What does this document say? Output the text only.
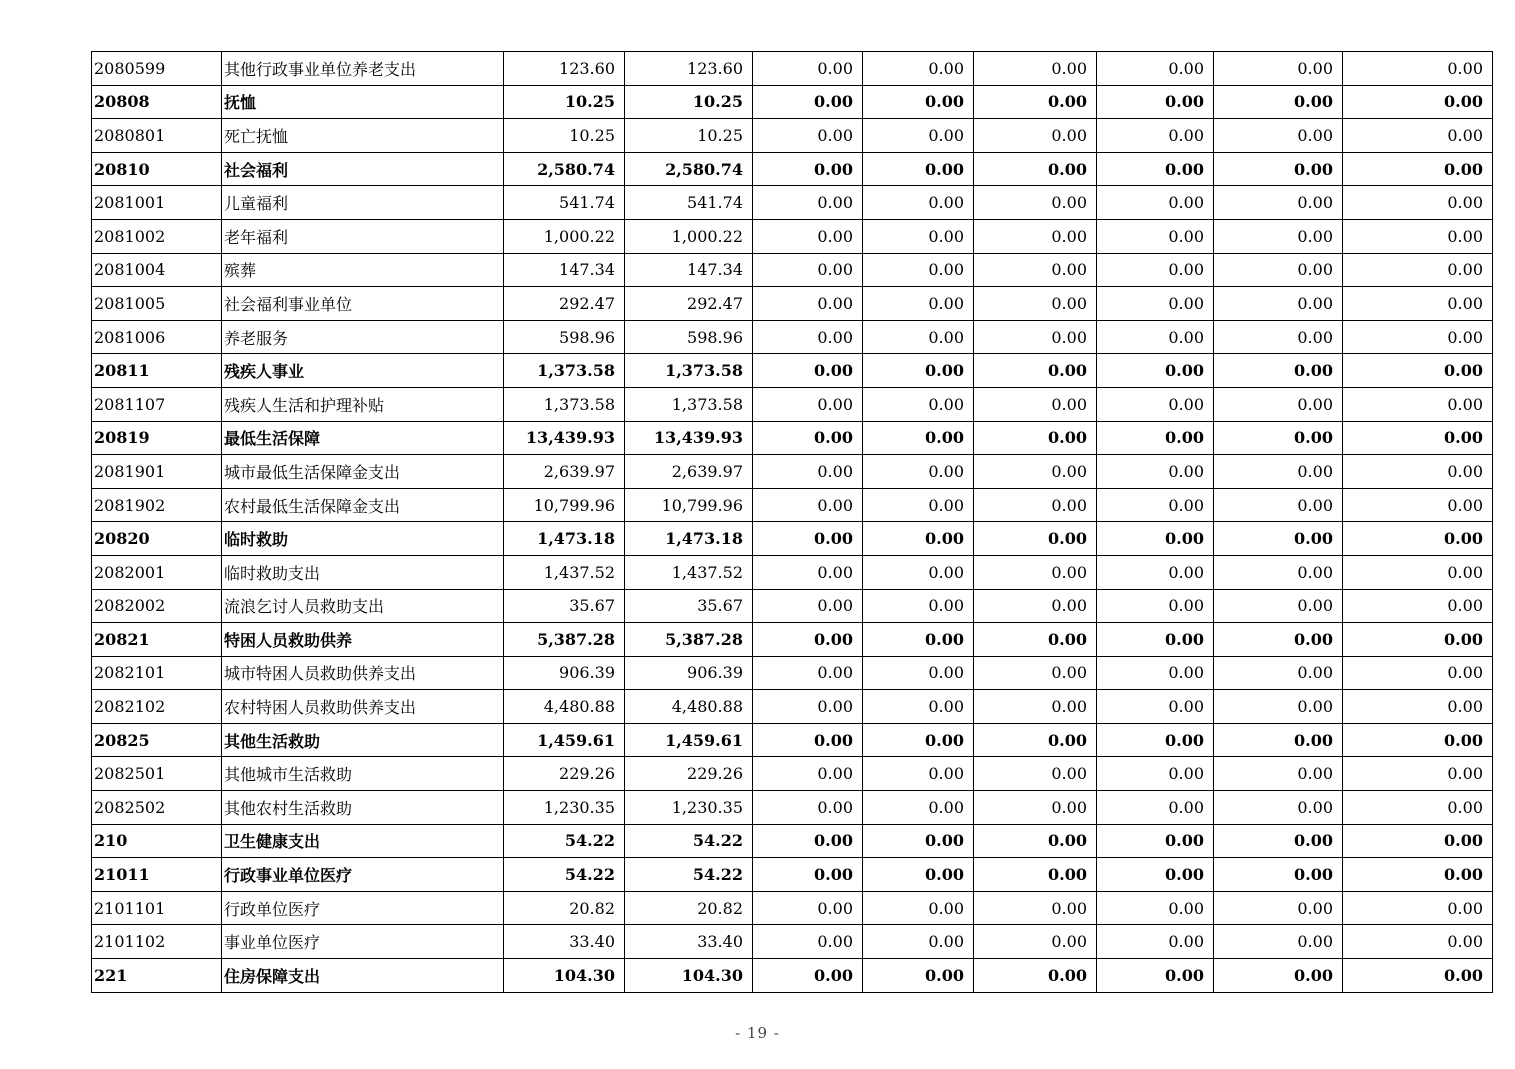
2080599	其他行政事业单位养老支出	123.60	123.60	0.00	0.00	0.00	0.00	0.00	0.00
20808	抚恤	10.25	10.25	0.00	0.00	0.00	0.00	0.00	0.00
2080801	死亡抚恤	10.25	10.25	0.00	0.00	0.00	0.00	0.00	0.00
20810	社会福利	2,580.74	2,580.74	0.00	0.00	0.00	0.00	0.00	0.00
2081001	儿童福利	541.74	541.74	0.00	0.00	0.00	0.00	0.00	0.00
2081002	老年福利	1,000.22	1,000.22	0.00	0.00	0.00	0.00	0.00	0.00
2081004	殡葬	147.34	147.34	0.00	0.00	0.00	0.00	0.00	0.00
2081005	社会福利事业单位	292.47	292.47	0.00	0.00	0.00	0.00	0.00	0.00
2081006	养老服务	598.96	598.96	0.00	0.00	0.00	0.00	0.00	0.00
20811	残疾人事业	1,373.58	1,373.58	0.00	0.00	0.00	0.00	0.00	0.00
2081107	残疾人生活和护理补贴	1,373.58	1,373.58	0.00	0.00	0.00	0.00	0.00	0.00
20819	最低生活保障	13,439.93	13,439.93	0.00	0.00	0.00	0.00	0.00	0.00
2081901	城市最低生活保障金支出	2,639.97	2,639.97	0.00	0.00	0.00	0.00	0.00	0.00
2081902	农村最低生活保障金支出	10,799.96	10,799.96	0.00	0.00	0.00	0.00	0.00	0.00
20820	临时救助	1,473.18	1,473.18	0.00	0.00	0.00	0.00	0.00	0.00
2082001	临时救助支出	1,437.52	1,437.52	0.00	0.00	0.00	0.00	0.00	0.00
2082002	流浪乞讨人员救助支出	35.67	35.67	0.00	0.00	0.00	0.00	0.00	0.00
20821	特困人员救助供养	5,387.28	5,387.28	0.00	0.00	0.00	0.00	0.00	0.00
2082101	城市特困人员救助供养支出	906.39	906.39	0.00	0.00	0.00	0.00	0.00	0.00
2082102	农村特困人员救助供养支出	4,480.88	4,480.88	0.00	0.00	0.00	0.00	0.00	0.00
20825	其他生活救助	1,459.61	1,459.61	0.00	0.00	0.00	0.00	0.00	0.00
2082501	其他城市生活救助	229.26	229.26	0.00	0.00	0.00	0.00	0.00	0.00
2082502	其他农村生活救助	1,230.35	1,230.35	0.00	0.00	0.00	0.00	0.00	0.00
210	卫生健康支出	54.22	54.22	0.00	0.00	0.00	0.00	0.00	0.00
21011	行政事业单位医疗	54.22	54.22	0.00	0.00	0.00	0.00	0.00	0.00
2101101	行政单位医疗	20.82	20.82	0.00	0.00	0.00	0.00	0.00	0.00
2101102	事业单位医疗	33.40	33.40	0.00	0.00	0.00	0.00	0.00	0.00
221	住房保障支出	104.30	104.30	0.00	0.00	0.00	0.00	0.00	0.00
- 19 -
